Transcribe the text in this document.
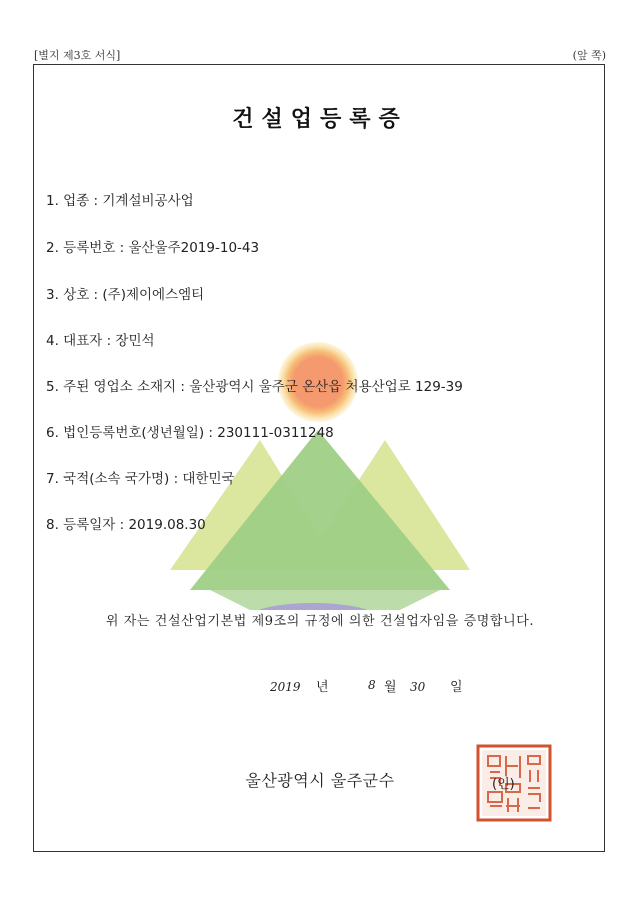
[별지 제3호 서식]	(앞 쪽)
건설업등록증
1. 업종 : 기계설비공사업
2. 등록번호 : 울산울주2019-10-43
3. 상호 : (주)제이에스엠티
4. 대표자 : 장민석
5. 주된 영업소 소재지 : 울산광역시 울주군 온산읍 처용산업로 129-39
6. 법인등록번호(생년월일) : 230111-0311248
7. 국적(소속 국가명) : 대한민국
8. 등록일자 : 2019.08.30
위 자는 건설산업기본법 제9조의 규정에 의한 건설업자임을 증명합니다.
2019 년	8 월 30 일
울산광역시 울주군수	(인)
